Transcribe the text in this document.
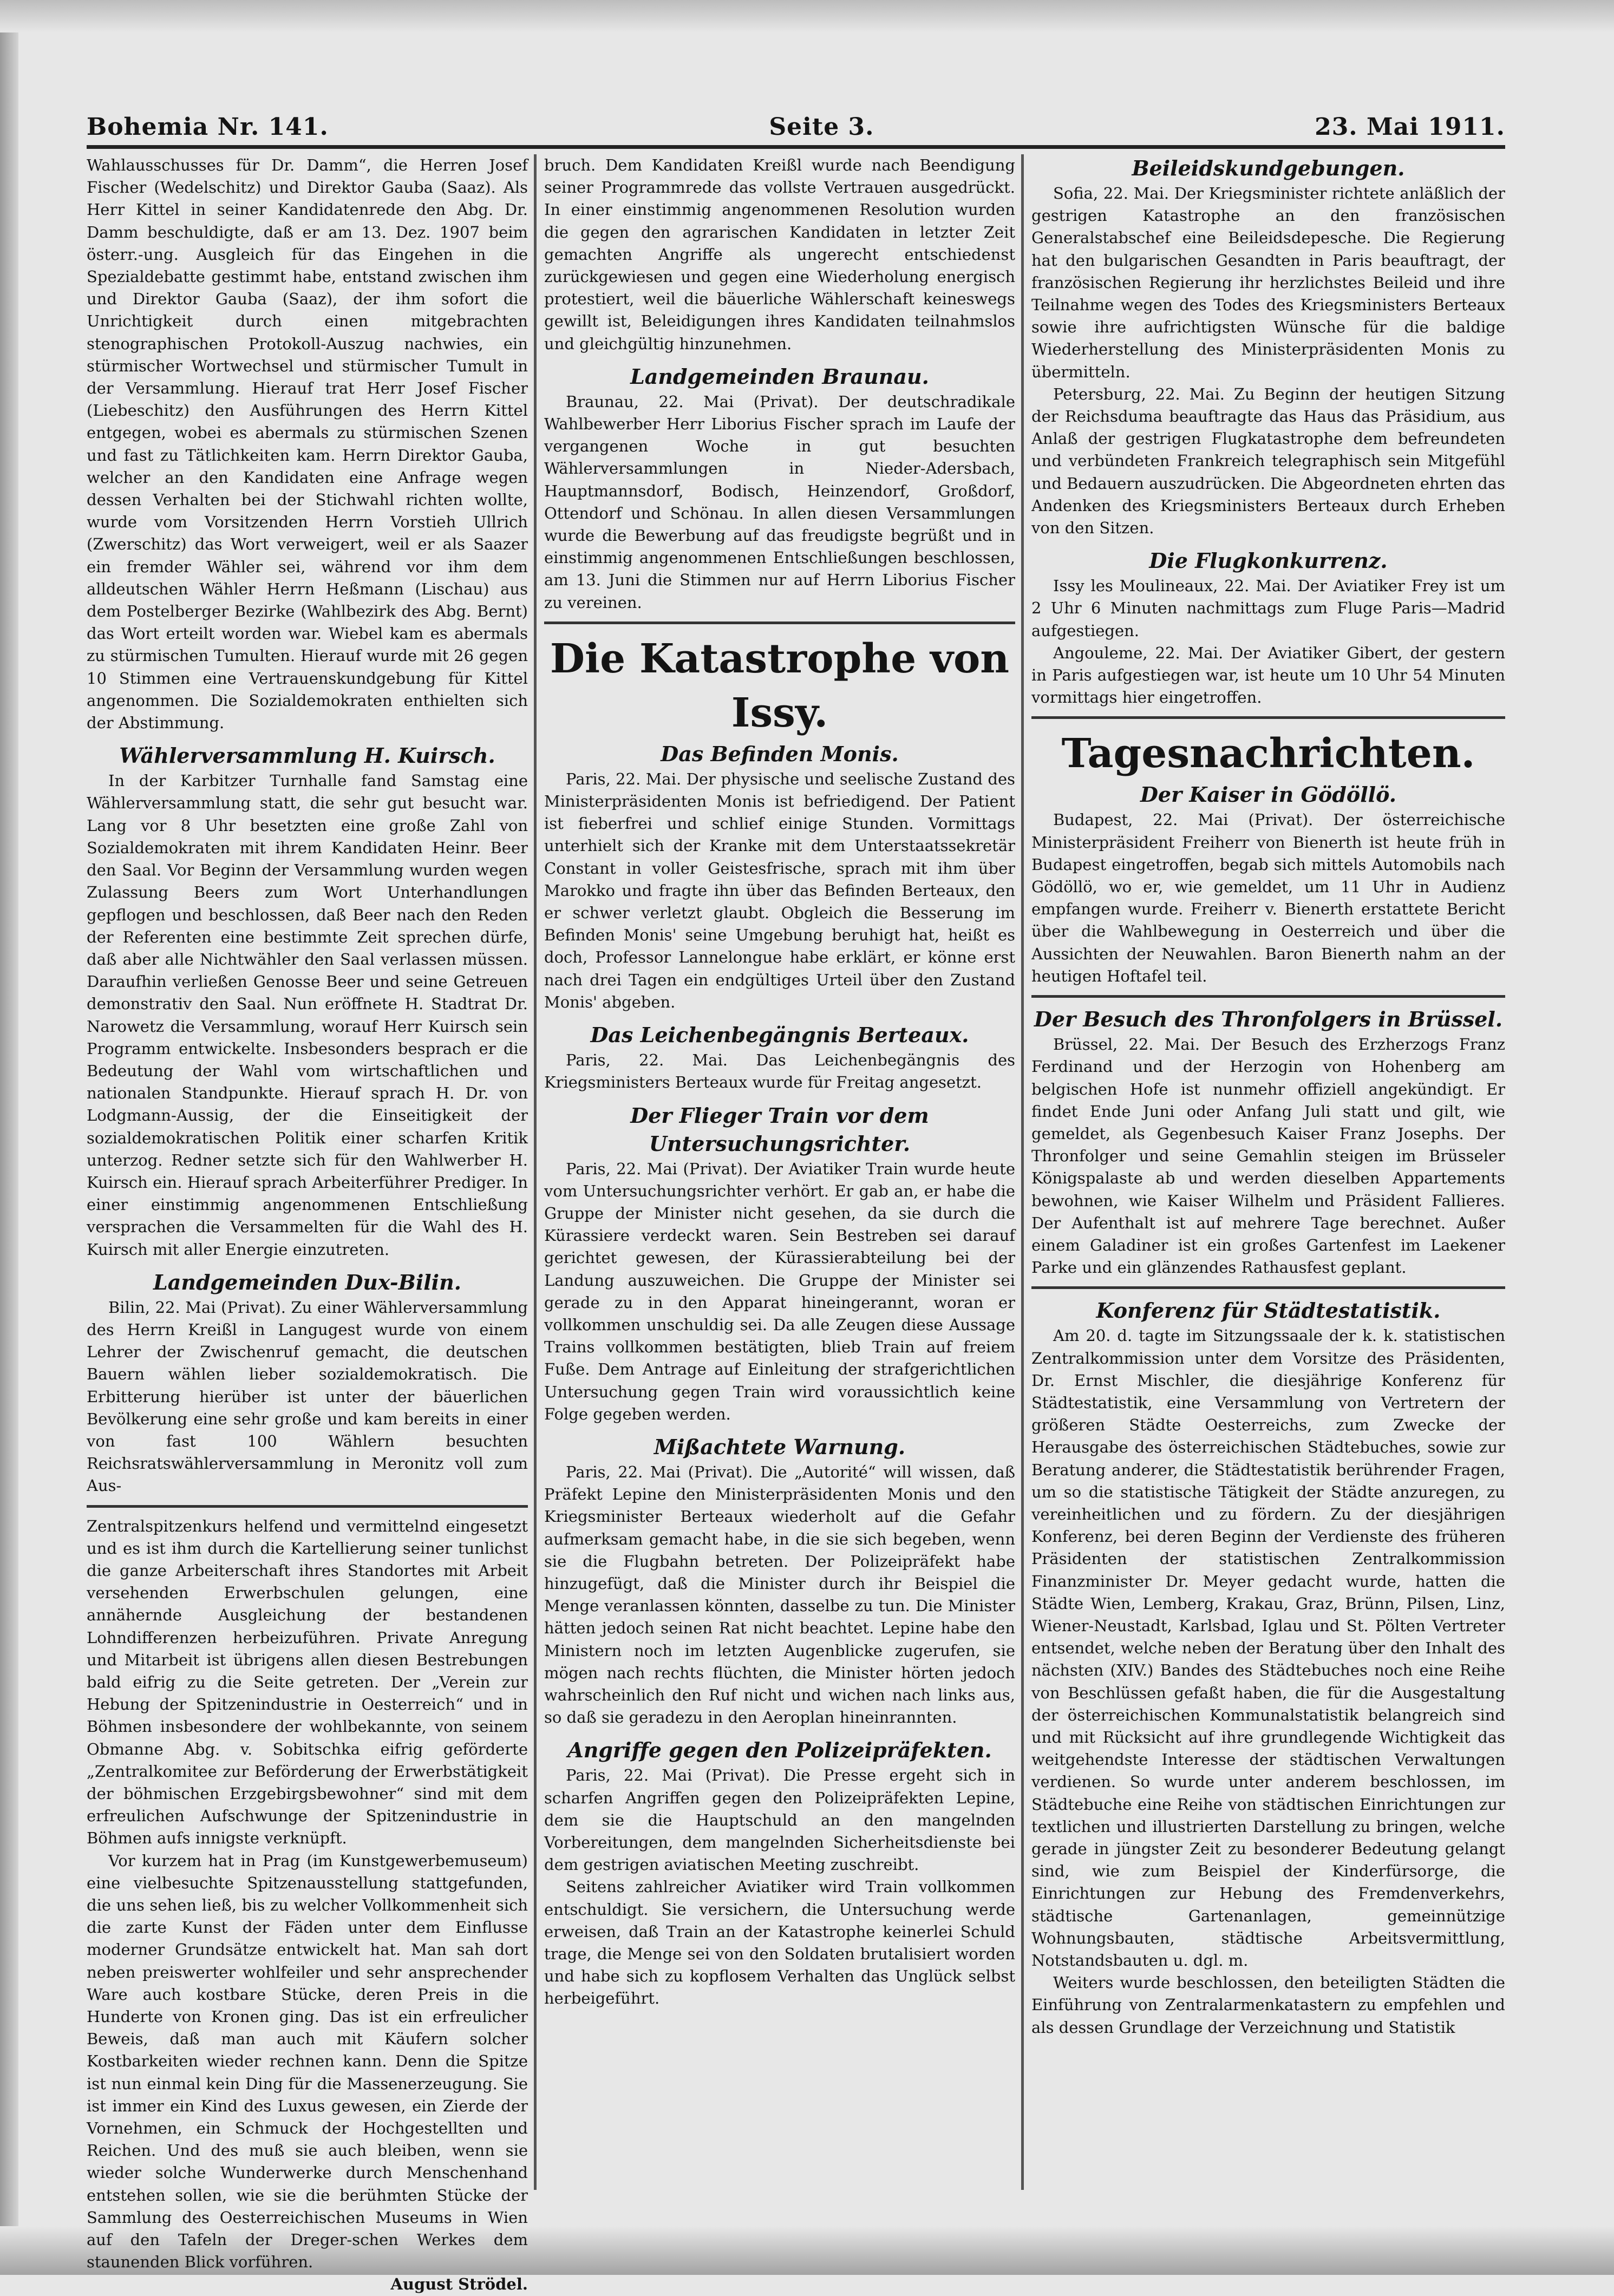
Bohemia Nr. 141.	Seite 3.	23. Mai 1911.

Wahlausschusses für Dr. Damm“, die Herren Josef Fischer (Wedelschitz) und Direktor Gauba (Saaz). Als Herr Kittel in seiner Kandidatenrede den Abg. Dr. Damm beschuldigte, daß er am 13. Dez. 1907 beim österr.-ung. Ausgleich für das Eingehen in die Spezialdebatte gestimmt habe, entstand zwischen ihm und Direktor Gauba (Saaz), der ihm sofort die Unrichtigkeit durch einen mitgebrachten stenographischen Protokoll-Auszug nachwies, ein stürmischer Wortwechsel und stürmischer Tumult in der Versammlung. Hierauf trat Herr Josef Fischer (Liebeschitz) den Ausführungen des Herrn Kittel entgegen, wobei es abermals zu stürmischen Szenen und fast zu Tätlichkeiten kam. Herrn Direktor Gauba, welcher an den Kandidaten eine Anfrage wegen dessen Verhalten bei der Stichwahl richten wollte, wurde vom Vorsitzenden Herrn Vorstieh Ullrich (Zwerschitz) das Wort verweigert, weil er als Saazer ein fremder Wähler sei, während vor ihm dem alldeutschen Wähler Herrn Heßmann (Lischau) aus dem Postelberger Bezirke (Wahlbezirk des Abg. Bernt) das Wort erteilt worden war. Wiebel kam es abermals zu stürmischen Tumulten. Hierauf wurde mit 26 gegen 10 Stimmen eine Vertrauenskundgebung für Kittel angenommen. Die Sozialdemokraten enthielten sich der Abstimmung.

Wählerversammlung H. Kuirsch.

In der Karbitzer Turnhalle fand Samstag eine Wählerversammlung statt, die sehr gut besucht war. Lang vor 8 Uhr besetzten eine große Zahl von Sozialdemokraten mit ihrem Kandidaten Heinr. Beer den Saal. Vor Beginn der Versammlung wurden wegen Zulassung Beers zum Wort Unterhandlungen gepflogen und beschlossen, daß Beer nach den Reden der Referenten eine bestimmte Zeit sprechen dürfe, daß aber alle Nichtwähler den Saal verlassen müssen. Daraufhin verließen Genosse Beer und seine Getreuen demonstrativ den Saal. Nun eröffnete H. Stadtrat Dr. Narowetz die Versammlung, worauf Herr Kuirsch sein Programm entwickelte. Insbesonders besprach er die Bedeutung der Wahl vom wirtschaftlichen und nationalen Standpunkte. Hierauf sprach H. Dr. von Lodgmann-Aussig, der die Einseitigkeit der sozialdemokratischen Politik einer scharfen Kritik unterzog. Redner setzte sich für den Wahlwerber H. Kuirsch ein. Hierauf sprach Arbeiterführer Prediger. In einer einstimmig angenommenen Entschließung versprachen die Versammelten für die Wahl des H. Kuirsch mit aller Energie einzutreten.

Landgemeinden Dux-Bilin.

Bilin, 22. Mai (Privat). Zu einer Wählerversammlung des Herrn Kreißl in Langugest wurde von einem Lehrer der Zwischenruf gemacht, die deutschen Bauern wählen lieber sozialdemokratisch. Die Erbitterung hierüber ist unter der bäuerlichen Bevölkerung eine sehr große und kam bereits in einer von fast 100 Wählern besuchten Reichsratswählerversammlung in Meronitz voll zum Aus-

Zentralspitzenkurs helfend und vermittelnd eingesetzt und es ist ihm durch die Kartellierung seiner tunlichst die ganze Arbeiterschaft ihres Standortes mit Arbeit versehenden Erwerbschulen gelungen, eine annähernde Ausgleichung der bestandenen Lohndifferenzen herbeizuführen. Private Anregung und Mitarbeit ist übrigens allen diesen Bestrebungen bald eifrig zu die Seite getreten. Der „Verein zur Hebung der Spitzenindustrie in Oesterreich“ und in Böhmen insbesondere der wohlbekannte, von seinem Obmanne Abg. v. Sobitschka eifrig geförderte „Zentralkomitee zur Beförderung der Erwerbstätigkeit der böhmischen Erzgebirgsbewohner“ sind mit dem erfreulichen Aufschwunge der Spitzenindustrie in Böhmen aufs innigste verknüpft.

Vor kurzem hat in Prag (im Kunstgewerbemuseum) eine vielbesuchte Spitzenausstellung stattgefunden, die uns sehen ließ, bis zu welcher Vollkommenheit sich die zarte Kunst der Fäden unter dem Einflusse moderner Grundsätze entwickelt hat. Man sah dort neben preiswerter wohlfeiler und sehr ansprechender Ware auch kostbare Stücke, deren Preis in die Hunderte von Kronen ging. Das ist ein erfreulicher Beweis, daß man auch mit Käufern solcher Kostbarkeiten wieder rechnen kann. Denn die Spitze ist nun einmal kein Ding für die Massenerzeugung. Sie ist immer ein Kind des Luxus gewesen, ein Zierde der Vornehmen, ein Schmuck der Hochgestellten und Reichen. Und des muß sie auch bleiben, wenn sie wieder solche Wunderwerke durch Menschenhand entstehen sollen, wie sie die berühmten Stücke der Sammlung des Oesterreichischen Museums in Wien auf den Tafeln der Dreger-schen Werkes dem staunenden Blick vorführen.

August Strödel.

bruch. Dem Kandidaten Kreißl wurde nach Beendigung seiner Programmrede das vollste Vertrauen ausgedrückt. In einer einstimmig angenommenen Resolution wurden die gegen den agrarischen Kandidaten in letzter Zeit gemachten Angriffe als ungerecht entschiedenst zurückgewiesen und gegen eine Wiederholung energisch protestiert, weil die bäuerliche Wählerschaft keineswegs gewillt ist, Beleidigungen ihres Kandidaten teilnahmslos und gleichgültig hinzunehmen.

Landgemeinden Braunau.

Braunau, 22. Mai (Privat). Der deutschradikale Wahlbewerber Herr Liborius Fischer sprach im Laufe der vergangenen Woche in gut besuchten Wählerversammlungen in Nieder-Adersbach, Hauptmannsdorf, Bodisch, Heinzendorf, Großdorf, Ottendorf und Schönau. In allen diesen Versammlungen wurde die Bewerbung auf das freudigste begrüßt und in einstimmig angenommenen Entschließungen beschlossen, am 13. Juni die Stimmen nur auf Herrn Liborius Fischer zu vereinen.

Die Katastrophe von Issy.
Das Befinden Monis.

Paris, 22. Mai. Der physische und seelische Zustand des Ministerpräsidenten Monis ist befriedigend. Der Patient ist fieberfrei und schlief einige Stunden. Vormittags unterhielt sich der Kranke mit dem Unterstaatssekretär Constant in voller Geistesfrische, sprach mit ihm über Marokko und fragte ihn über das Befinden Berteaux, den er schwer verletzt glaubt. Obgleich die Besserung im Befinden Monis' seine Umgebung beruhigt hat, heißt es doch, Professor Lannelongue habe erklärt, er könne erst nach drei Tagen ein endgültiges Urteil über den Zustand Monis' abgeben.

Das Leichenbegängnis Berteaux.

Paris, 22. Mai. Das Leichenbegängnis des Kriegsministers Berteaux wurde für Freitag angesetzt.

Der Flieger Train vor dem Untersuchungsrichter.

Paris, 22. Mai (Privat). Der Aviatiker Train wurde heute vom Untersuchungsrichter verhört. Er gab an, er habe die Gruppe der Minister nicht gesehen, da sie durch die Kürassiere verdeckt waren. Sein Bestreben sei darauf gerichtet gewesen, der Kürassierabteilung bei der Landung auszuweichen. Die Gruppe der Minister sei gerade zu in den Apparat hineingerannt, woran er vollkommen unschuldig sei. Da alle Zeugen diese Aussage Trains vollkommen bestätigten, blieb Train auf freiem Fuße. Dem Antrage auf Einleitung der strafgerichtlichen Untersuchung gegen Train wird voraussichtlich keine Folge gegeben werden.

Mißachtete Warnung.

Paris, 22. Mai (Privat). Die „Autorité“ will wissen, daß Präfekt Lepine den Ministerpräsidenten Monis und den Kriegsminister Berteaux wiederholt auf die Gefahr aufmerksam gemacht habe, in die sie sich begeben, wenn sie die Flugbahn betreten. Der Polizeipräfekt habe hinzugefügt, daß die Minister durch ihr Beispiel die Menge veranlassen könnten, dasselbe zu tun. Die Minister hätten jedoch seinen Rat nicht beachtet. Lepine habe den Ministern noch im letzten Augenblicke zugerufen, sie mögen nach rechts flüchten, die Minister hörten jedoch wahrscheinlich den Ruf nicht und wichen nach links aus, so daß sie geradezu in den Aeroplan hineinrannten.

Angriffe gegen den Polizeipräfekten.

Paris, 22. Mai (Privat). Die Presse ergeht sich in scharfen Angriffen gegen den Polizeipräfekten Lepine, dem sie die Hauptschuld an den mangelnden Vorbereitungen, dem mangelnden Sicherheitsdienste bei dem gestrigen aviatischen Meeting zuschreibt.

Seitens zahlreicher Aviatiker wird Train vollkommen entschuldigt. Sie versichern, die Untersuchung werde erweisen, daß Train an der Katastrophe keinerlei Schuld trage, die Menge sei von den Soldaten brutalisiert worden und habe sich zu kopflosem Verhalten das Unglück selbst herbeigeführt.

Beileidskundgebungen.

Sofia, 22. Mai. Der Kriegsminister richtete anläßlich der gestrigen Katastrophe an den französischen Generalstabschef eine Beileidsdepesche. Die Regierung hat den bulgarischen Gesandten in Paris beauftragt, der französischen Regierung ihr herzlichstes Beileid und ihre Teilnahme wegen des Todes des Kriegsministers Berteaux sowie ihre aufrichtigsten Wünsche für die baldige Wiederherstellung des Ministerpräsidenten Monis zu übermitteln.

Petersburg, 22. Mai. Zu Beginn der heutigen Sitzung der Reichsduma beauftragte das Haus das Präsidium, aus Anlaß der gestrigen Flugkatastrophe dem befreundeten und verbündeten Frankreich telegraphisch sein Mitgefühl und Bedauern auszudrücken. Die Abgeordneten ehrten das Andenken des Kriegsministers Berteaux durch Erheben von den Sitzen.

Die Flugkonkurrenz.

Issy les Moulineaux, 22. Mai. Der Aviatiker Frey ist um 2 Uhr 6 Minuten nachmittags zum Fluge Paris—Madrid aufgestiegen.

Angouleme, 22. Mai. Der Aviatiker Gibert, der gestern in Paris aufgestiegen war, ist heute um 10 Uhr 54 Minuten vormittags hier eingetroffen.

Tagesnachrichten.
Der Kaiser in Gödöllö.

Budapest, 22. Mai (Privat). Der österreichische Ministerpräsident Freiherr von Bienerth ist heute früh in Budapest eingetroffen, begab sich mittels Automobils nach Gödöllö, wo er, wie gemeldet, um 11 Uhr in Audienz empfangen wurde. Freiherr v. Bienerth erstattete Bericht über die Wahlbewegung in Oesterreich und über die Aussichten der Neuwahlen. Baron Bienerth nahm an der heutigen Hoftafel teil.

Der Besuch des Thronfolgers in Brüssel.

Brüssel, 22. Mai. Der Besuch des Erzherzogs Franz Ferdinand und der Herzogin von Hohenberg am belgischen Hofe ist nunmehr offiziell angekündigt. Er findet Ende Juni oder Anfang Juli statt und gilt, wie gemeldet, als Gegenbesuch Kaiser Franz Josephs. Der Thronfolger und seine Gemahlin steigen im Brüsseler Königspalaste ab und werden dieselben Appartements bewohnen, wie Kaiser Wilhelm und Präsident Fallieres. Der Aufenthalt ist auf mehrere Tage berechnet. Außer einem Galadiner ist ein großes Gartenfest im Laekener Parke und ein glänzendes Rathausfest geplant.

Konferenz für Städtestatistik.

Am 20. d. tagte im Sitzungssaale der k. k. statistischen Zentralkommission unter dem Vorsitze des Präsidenten, Dr. Ernst Mischler, die diesjährige Konferenz für Städtestatistik, eine Versammlung von Vertretern der größeren Städte Oesterreichs, zum Zwecke der Herausgabe des österreichischen Städtebuches, sowie zur Beratung anderer, die Städtestatistik berührender Fragen, um so die statistische Tätigkeit der Städte anzuregen, zu vereinheitlichen und zu fördern. Zu der diesjährigen Konferenz, bei deren Beginn der Verdienste des früheren Präsidenten der statistischen Zentralkommission Finanzminister Dr. Meyer gedacht wurde, hatten die Städte Wien, Lemberg, Krakau, Graz, Brünn, Pilsen, Linz, Wiener-Neustadt, Karlsbad, Iglau und St. Pölten Vertreter entsendet, welche neben der Beratung über den Inhalt des nächsten (XIV.) Bandes des Städtebuches noch eine Reihe von Beschlüssen gefaßt haben, die für die Ausgestaltung der österreichischen Kommunalstatistik belangreich sind und mit Rücksicht auf ihre grundlegende Wichtigkeit das weitgehendste Interesse der städtischen Verwaltungen verdienen. So wurde unter anderem beschlossen, im Städtebuche eine Reihe von städtischen Einrichtungen zur textlichen und illustrierten Darstellung zu bringen, welche gerade in jüngster Zeit zu besonderer Bedeutung gelangt sind, wie zum Beispiel der Kinderfürsorge, die Einrichtungen zur Hebung des Fremdenverkehrs, städtische Gartenanlagen, gemeinnützige Wohnungsbauten, städtische Arbeitsvermittlung, Notstandsbauten u. dgl. m.

Weiters wurde beschlossen, den beteiligten Städten die Einführung von Zentralarmenkatastern zu empfehlen und als dessen Grundlage der Verzeichnung und Statistik
